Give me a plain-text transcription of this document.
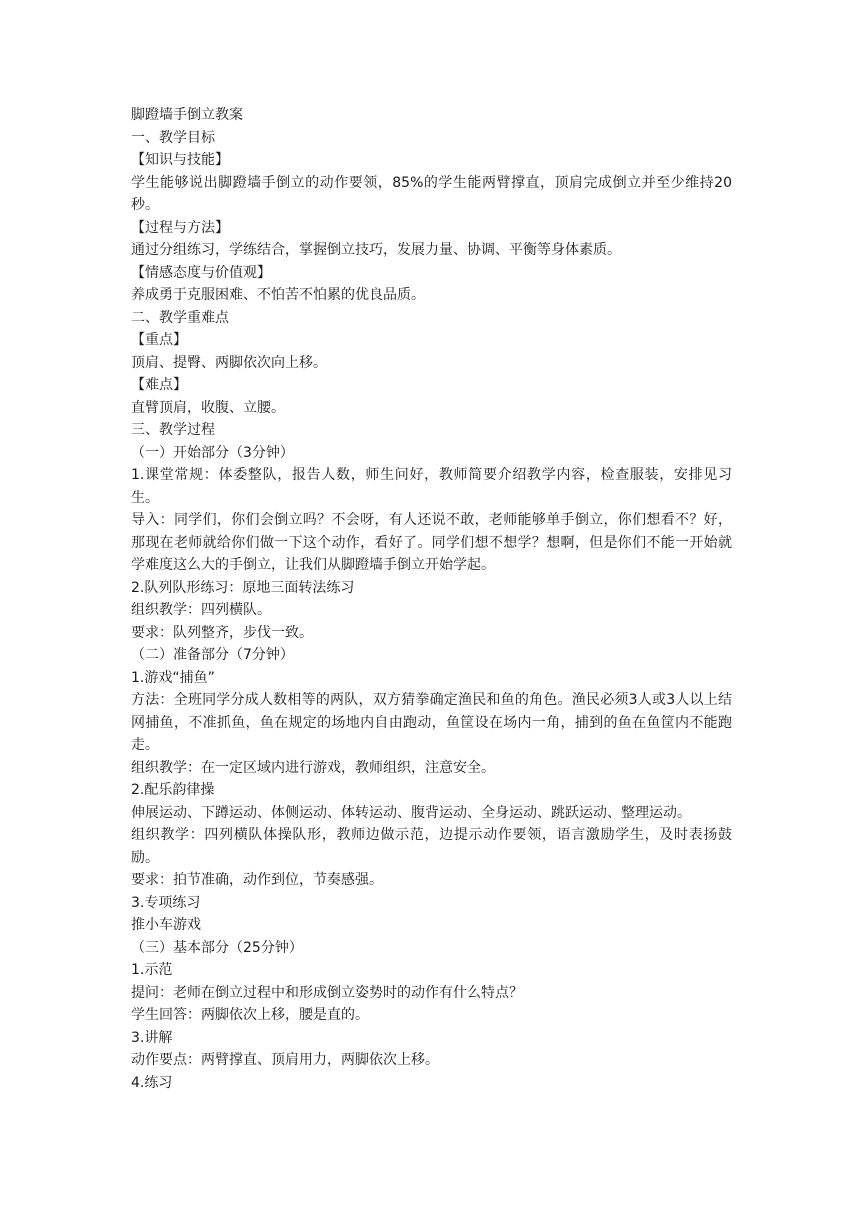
脚蹬墙手倒立教案

一、教学目标

【知识与技能】

学生能够说出脚蹬墙手倒立的动作要领，85%的学生能两臂撑直，顶肩完成倒立并至少维持20秒。

【过程与方法】

通过分组练习，学练结合，掌握倒立技巧，发展力量、协调、平衡等身体素质。

【情感态度与价值观】

养成勇于克服困难、不怕苦不怕累的优良品质。

二、教学重难点

【重点】

顶肩、提臀、两脚依次向上移。

【难点】

直臂顶肩，收腹、立腰。

三、教学过程

（一）开始部分（3分钟）

1.课堂常规：体委整队，报告人数，师生问好，教师简要介绍教学内容，检查服装，安排见习生。

导入：同学们，你们会倒立吗？不会呀，有人还说不敢，老师能够单手倒立，你们想看不？好，那现在老师就给你们做一下这个动作，看好了。同学们想不想学？想啊，但是你们不能一开始就学难度这么大的手倒立，让我们从脚蹬墙手倒立开始学起。

2.队列队形练习：原地三面转法练习

组织教学：四列横队。

要求：队列整齐，步伐一致。

（二）准备部分（7分钟）

1.游戏“捕鱼”

方法：全班同学分成人数相等的两队，双方猜拳确定渔民和鱼的角色。渔民必须3人或3人以上结网捕鱼，不准抓鱼，鱼在规定的场地内自由跑动，鱼筐设在场内一角，捕到的鱼在鱼筐内不能跑走。

组织教学：在一定区域内进行游戏，教师组织，注意安全。

2.配乐韵律操

伸展运动、下蹲运动、体侧运动、体转运动、腹背运动、全身运动、跳跃运动、整理运动。

组织教学：四列横队体操队形，教师边做示范，边提示动作要领，语言激励学生，及时表扬鼓励。

要求：拍节准确，动作到位，节奏感强。

3.专项练习

推小车游戏

（三）基本部分（25分钟）

1.示范

提问：老师在倒立过程中和形成倒立姿势时的动作有什么特点？

学生回答：两脚依次上移，腰是直的。

3.讲解

动作要点：两臂撑直、顶肩用力，两脚依次上移。

4.练习
